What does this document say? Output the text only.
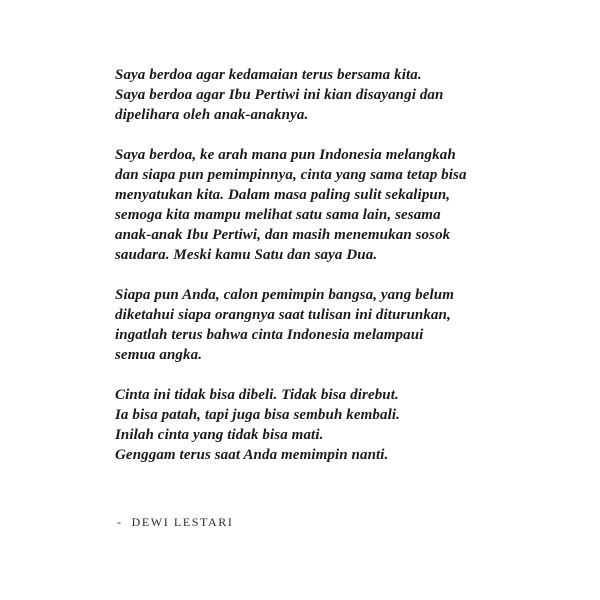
Saya berdoa agar kedamaian terus bersama kita.
Saya berdoa agar Ibu Pertiwi ini kian disayangi dan
dipelihara oleh anak-anaknya.
Saya berdoa, ke arah mana pun Indonesia melangkah
dan siapa pun pemimpinnya, cinta yang sama tetap bisa
menyatukan kita. Dalam masa paling sulit sekalipun,
semoga kita mampu melihat satu sama lain, sesama
anak-anak Ibu Pertiwi, dan masih menemukan sosok
saudara. Meski kamu Satu dan saya Dua.
Siapa pun Anda, calon pemimpin bangsa, yang belum
diketahui siapa orangnya saat tulisan ini diturunkan,
ingatlah terus bahwa cinta Indonesia melampaui
semua angka.
Cinta ini tidak bisa dibeli. Tidak bisa direbut.
Ia bisa patah, tapi juga bisa sembuh kembali.
Inilah cinta yang tidak bisa mati.
Genggam terus saat Anda memimpin nanti.
- DEWI LESTARI
